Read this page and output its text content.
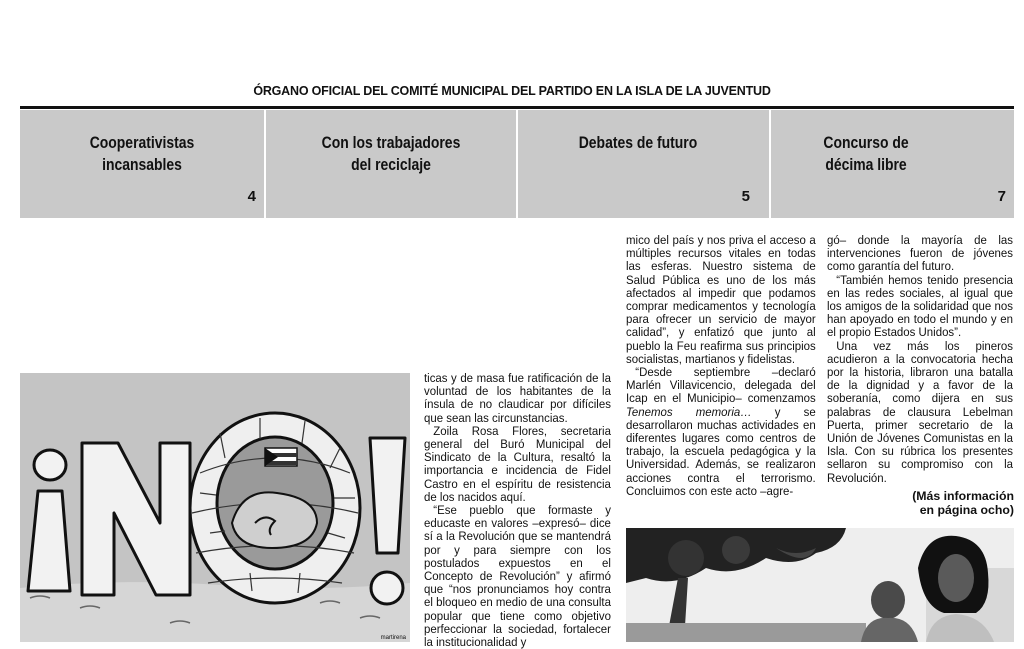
ÓRGANO OFICIAL DEL COMITÉ MUNICIPAL DEL PARTIDO EN LA ISLA DE LA JUVENTUD
Cooperativistas
incansables
4
Con los trabajadores
del reciclaje
Debates de futuro
5
Concurso de
décima libre
7
martirena

ticas y de masa fue ratificación de la voluntad de los habitantes de la ínsula de no claudicar por difíciles que sean las circunstancias.

Zoila Rosa Flores, secretaria general del Buró Municipal del Sindicato de la Cultura, resaltó la importancia e incidencia de Fidel Castro en el espíritu de resistencia de los nacidos aquí.

“Ese pueblo que formaste y educaste en valores –expresó– dice sí a la Revolución que se mantendrá por y para siempre con los postulados expuestos en el Concepto de Revolución” y afirmó que “nos pronunciamos hoy contra el bloqueo en medio de una consulta popular que tiene como objetivo perfeccionar la sociedad, fortalecer la institucionalidad y

mico del país y nos priva el acceso a múltiples recursos vitales en todas las esferas. Nuestro sistema de Salud Pública es uno de los más afectados al impedir que podamos comprar medicamentos y tecnología para ofrecer un servicio de mayor calidad”, y enfatizó que junto al pueblo la Feu reafirma sus principios socialistas, martianos y fidelistas.

“Desde septiembre –declaró Marlén Villavicencio, delegada del Icap en el Municipio– comenzamos Tenemos memoria… y se desarrollaron muchas actividades en diferentes lugares como centros de trabajo, la escuela pedagógica y la Universidad. Además, se realizaron acciones contra el terrorismo. Concluimos con este acto –agre-

gó– donde la mayoría de las intervenciones fueron de jóvenes como garantía del futuro.

“También hemos tenido presencia en las redes sociales, al igual que los amigos de la solidaridad que nos han apoyado en todo el mundo y en el propio Estados Unidos”.

Una vez más los pineros acudieron a la convocatoria hecha por la historia, libraron una batalla de la dignidad y a favor de la soberanía, como dijera en sus palabras de clausura Lebelman Puerta, primer secretario de la Unión de Jóvenes Comunistas en la Isla. Con su rúbrica los presentes sellaron su compromiso con la Revolución.

(Más información
en página ocho)
